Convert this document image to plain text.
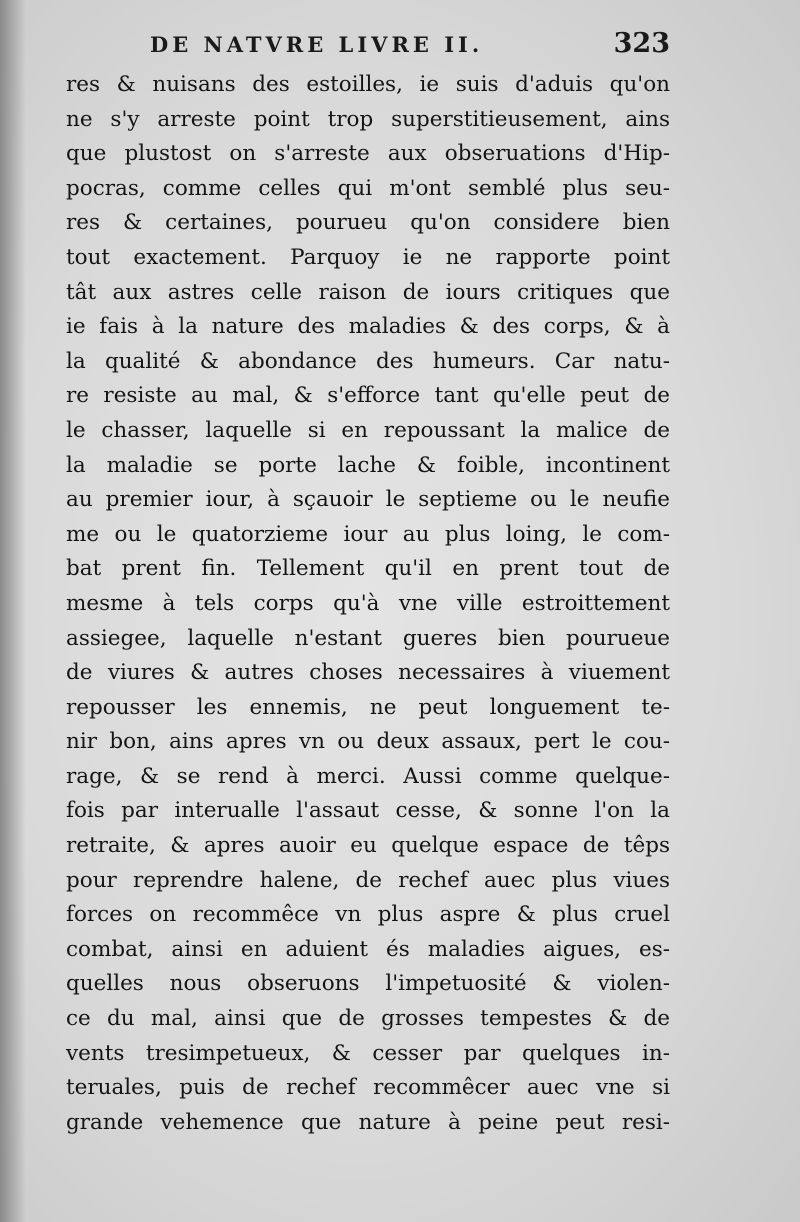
DE NATVRE LIVRE II.	323
res & nuisans des estoilles, ie suis d'aduis qu'on
ne s'y arreste point trop superstitieusement, ains
que plustost on s'arreste aux obseruations d'Hip-
pocras, comme celles qui m'ont semblé plus seu-
res & certaines, pourueu qu'on considere bien
tout exactement. Parquoy ie ne rapporte point
tât aux astres celle raison de iours critiques que
ie fais à la nature des maladies & des corps, & à
la qualité & abondance des humeurs. Car natu-
re resiste au mal, & s'efforce tant qu'elle peut de
le chasser, laquelle si en repoussant la malice de
la maladie se porte lache & foible, incontinent
au premier iour, à sçauoir le septieme ou le neufie
me ou le quatorzieme iour au plus loing, le com-
bat prent fin. Tellement qu'il en prent tout de
mesme à tels corps qu'à vne ville estroittement
assiegee, laquelle n'estant gueres bien pourueue
de viures & autres choses necessaires à viuement
repousser les ennemis, ne peut longuement te-
nir bon, ains apres vn ou deux assaux, pert le cou-
rage, & se rend à merci. Aussi comme quelque-
fois par interualle l'assaut cesse, & sonne l'on la
retraite, & apres auoir eu quelque espace de têps
pour reprendre halene, de rechef auec plus viues
forces on recommêce vn plus aspre & plus cruel
combat, ainsi en aduient és maladies aigues, es-
quelles nous obseruons l'impetuosité & violen-
ce du mal, ainsi que de grosses tempestes & de
vents tresimpetueux, & cesser par quelques in-
teruales, puis de rechef recommêcer auec vne si
grande vehemence que nature à peine peut resi-
